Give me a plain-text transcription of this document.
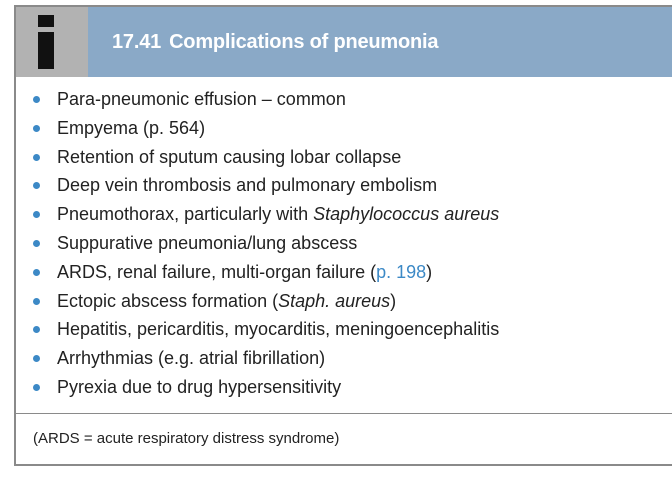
17.41 Complications of pneumonia
Para-pneumonic effusion – common
Empyema (p. 564)
Retention of sputum causing lobar collapse
Deep vein thrombosis and pulmonary embolism
Pneumothorax, particularly with Staphylococcus aureus
Suppurative pneumonia/lung abscess
ARDS, renal failure, multi-organ failure (p. 198)
Ectopic abscess formation (Staph. aureus)
Hepatitis, pericarditis, myocarditis, meningoencephalitis
Arrhythmias (e.g. atrial fibrillation)
Pyrexia due to drug hypersensitivity
(ARDS = acute respiratory distress syndrome)
